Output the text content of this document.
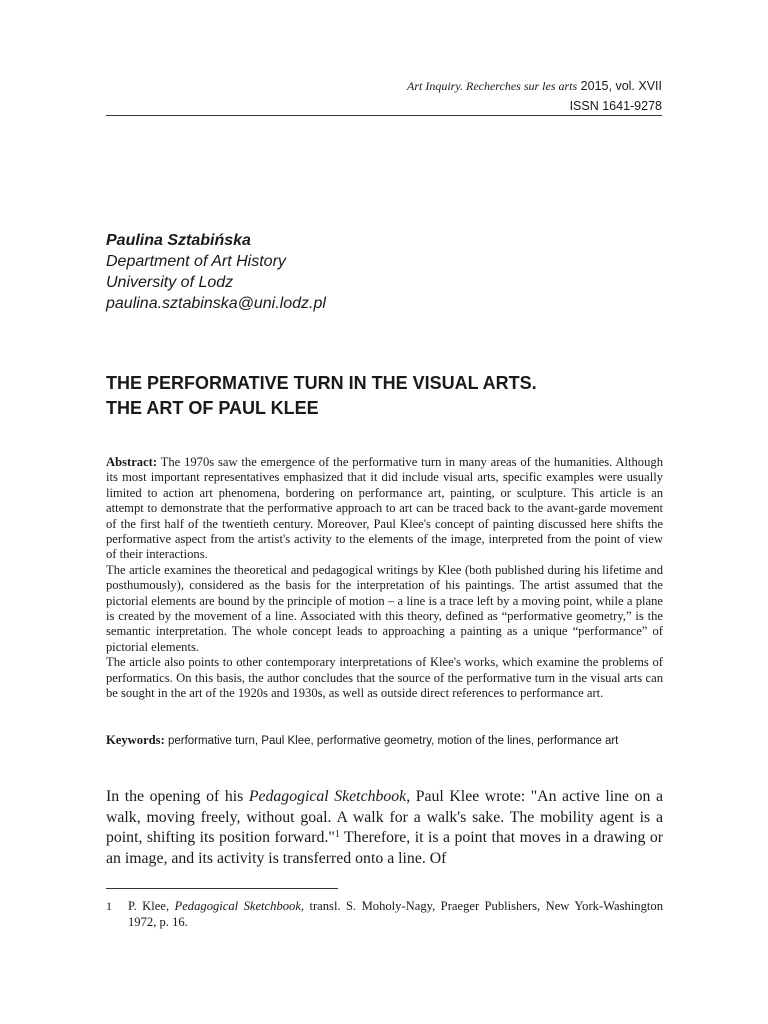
Art Inquiry. Recherches sur les arts 2015, vol. XVII
ISSN 1641-9278
Paulina Sztabińska
Department of Art History
University of Lodz
paulina.sztabinska@uni.lodz.pl
THE PERFORMATIVE TURN IN THE VISUAL ARTS.
THE ART OF PAUL KLEE

Abstract: The 1970s saw the emergence of the performative turn in many areas of the humanities. Although its most important representatives emphasized that it did include visual arts, specific examples were usually limited to action art phenomena, bordering on performance art, painting, or sculpture. This article is an attempt to demonstrate that the performative approach to art can be traced back to the avant-garde movement of the first half of the twentieth century. Moreover, Paul Klee's concept of painting discussed here shifts the performative aspect from the artist's activity to the elements of the image, interpreted from the point of view of their interactions.

The article examines the theoretical and pedagogical writings by Klee (both published during his lifetime and posthumously), considered as the basis for the interpretation of his paintings. The artist assumed that the pictorial elements are bound by the principle of motion – a line is a trace left by a moving point, while a plane is created by the movement of a line. Associated with this theory, defined as “performative geometry,” is the semantic interpretation. The whole concept leads to approaching a painting as a unique “performance” of pictorial elements.

The article also points to other contemporary interpretations of Klee's works, which examine the problems of performatics. On this basis, the author concludes that the source of the performative turn in the visual arts can be sought in the art of the 1920s and 1930s, as well as outside direct references to performance art.

Keywords: performative turn, Paul Klee, performative geometry, motion of the lines, performance art

In the opening of his Pedagogical Sketchbook, Paul Klee wrote: "An active line on a walk, moving freely, without goal. A walk for a walk's sake. The mobility agent is a point, shifting its position forward."$^1$ Therefore, it is a point that moves in a drawing or an image, and its activity is transferred onto a line. Of

1 P. Klee, Pedagogical Sketchbook, transl. S. Moholy-Nagy, Praeger Publishers, New York-Washington 1972, p. 16.
